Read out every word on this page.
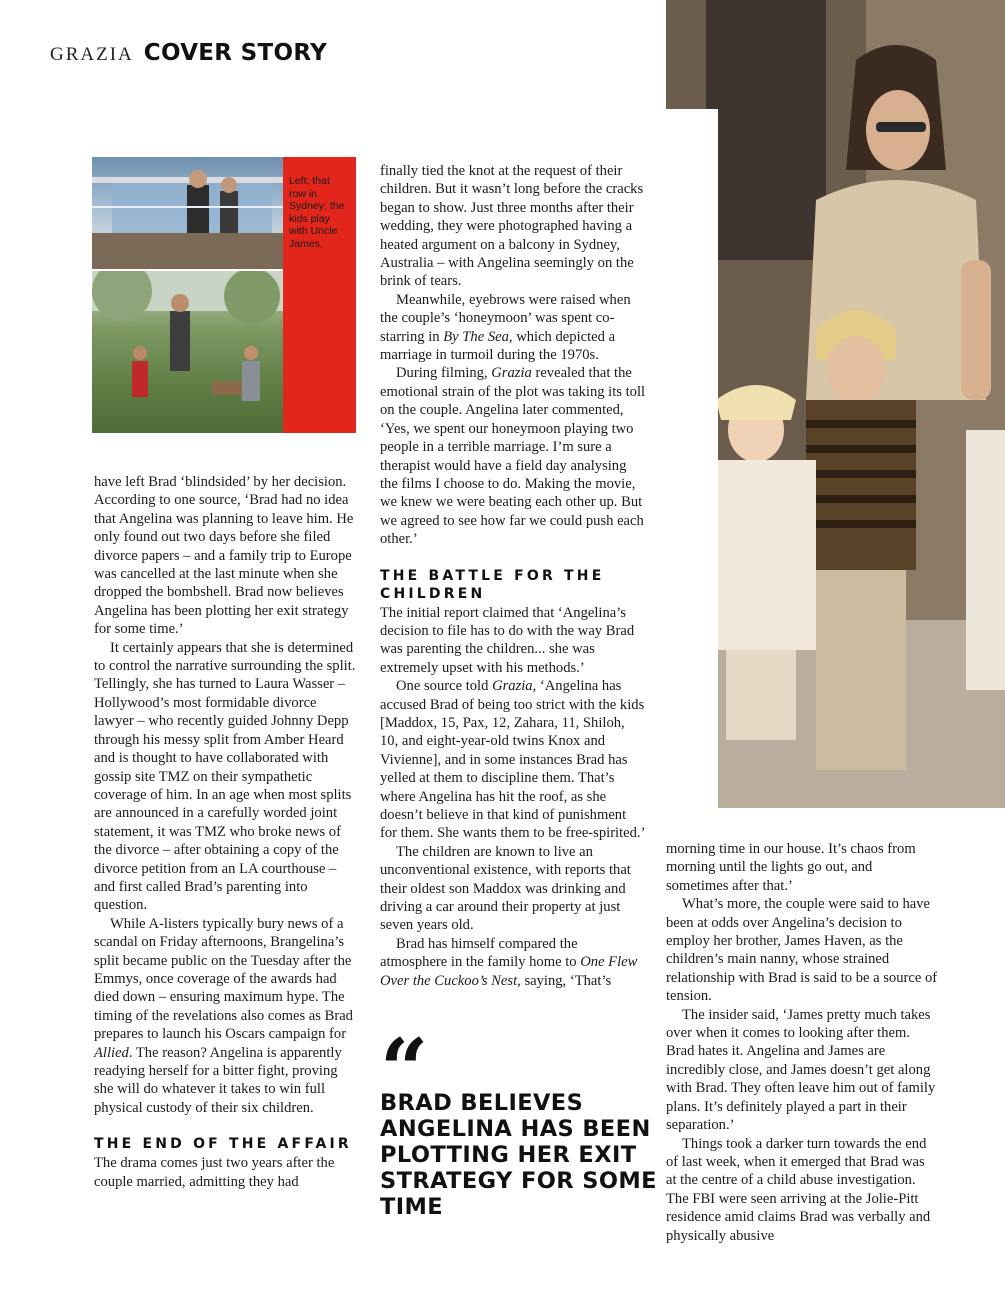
GRAZIA COVER STORY
Left: that row in Sydney; the kids play with Uncle James.

have left Brad ‘blindsided’ by her decision. According to one source, ‘Brad had no idea that Angelina was planning to leave him. He only found out two days before she filed divorce papers – and a family trip to Europe was cancelled at the last minute when she dropped the bombshell. Brad now believes Angelina has been plotting her exit strategy for some time.’

It certainly appears that she is determined to control the narrative surrounding the split. Tellingly, she has turned to Laura Wasser – Hollywood’s most formidable divorce lawyer – who recently guided Johnny Depp through his messy split from Amber Heard and is thought to have collaborated with gossip site TMZ on their sympathetic coverage of him. In an age when most splits are announced in a carefully worded joint statement, it was TMZ who broke news of the divorce – after obtaining a copy of the divorce petition from an LA courthouse – and first called Brad’s parenting into question.

While A-listers typically bury news of a scandal on Friday afternoons, Brangelina’s split became public on the Tuesday after the Emmys, once coverage of the awards had died down – ensuring maximum hype. The timing of the revelations also comes as Brad prepares to launch his Oscars campaign for Allied. The reason? Angelina is apparently readying herself for a bitter fight, proving she will do whatever it takes to win full physical custody of their six children.

THE END OF THE AFFAIR

The drama comes just two years after the couple married, admitting they had

finally tied the knot at the request of their children. But it wasn’t long before the cracks began to show. Just three months after their wedding, they were photographed having a heated argument on a balcony in Sydney, Australia – with Angelina seemingly on the brink of tears.

Meanwhile, eyebrows were raised when the couple’s ‘honeymoon’ was spent co-starring in By The Sea, which depicted a marriage in turmoil during the 1970s.

During filming, Grazia revealed that the emotional strain of the plot was taking its toll on the couple. Angelina later commented, ‘Yes, we spent our honeymoon playing two people in a terrible marriage. I’m sure a therapist would have a field day analysing the films I choose to do. Making the movie, we knew we were beating each other up. But we agreed to see how far we could push each other.’

THE BATTLE FOR THE CHILDREN

The initial report claimed that ‘Angelina’s decision to file has to do with the way Brad was parenting the children... she was extremely upset with his methods.’

One source told Grazia, ‘Angelina has accused Brad of being too strict with the kids [Maddox, 15, Pax, 12, Zahara, 11, Shiloh, 10, and eight-year-old twins Knox and Vivienne], and in some instances Brad has yelled at them to discipline them. That’s where Angelina has hit the roof, as she doesn’t believe in that kind of punishment for them. She wants them to be free-spirited.’

The children are known to live an unconventional existence, with reports that their oldest son Maddox was drinking and driving a car around their property at just seven years old.

Brad has himself compared the atmosphere in the family home to One Flew Over the Cuckoo’s Nest, saying, ‘That’s

“
BRAD BELIEVES ANGELINA HAS BEEN PLOTTING HER EXIT STRATEGY FOR SOME TIME

morning time in our house. It’s chaos from morning until the lights go out, and sometimes after that.’

What’s more, the couple were said to have been at odds over Angelina’s decision to employ her brother, James Haven, as the children’s main nanny, whose strained relationship with Brad is said to be a source of tension.

The insider said, ‘James pretty much takes over when it comes to looking after them. Brad hates it. Angelina and James are incredibly close, and James doesn’t get along with Brad. They often leave him out of family plans. It’s definitely played a part in their separation.’

Things took a darker turn towards the end of last week, when it emerged that Brad was at the centre of a child abuse investigation. The FBI were seen arriving at the Jolie-Pitt residence amid claims Brad was verbally and physically abusive
